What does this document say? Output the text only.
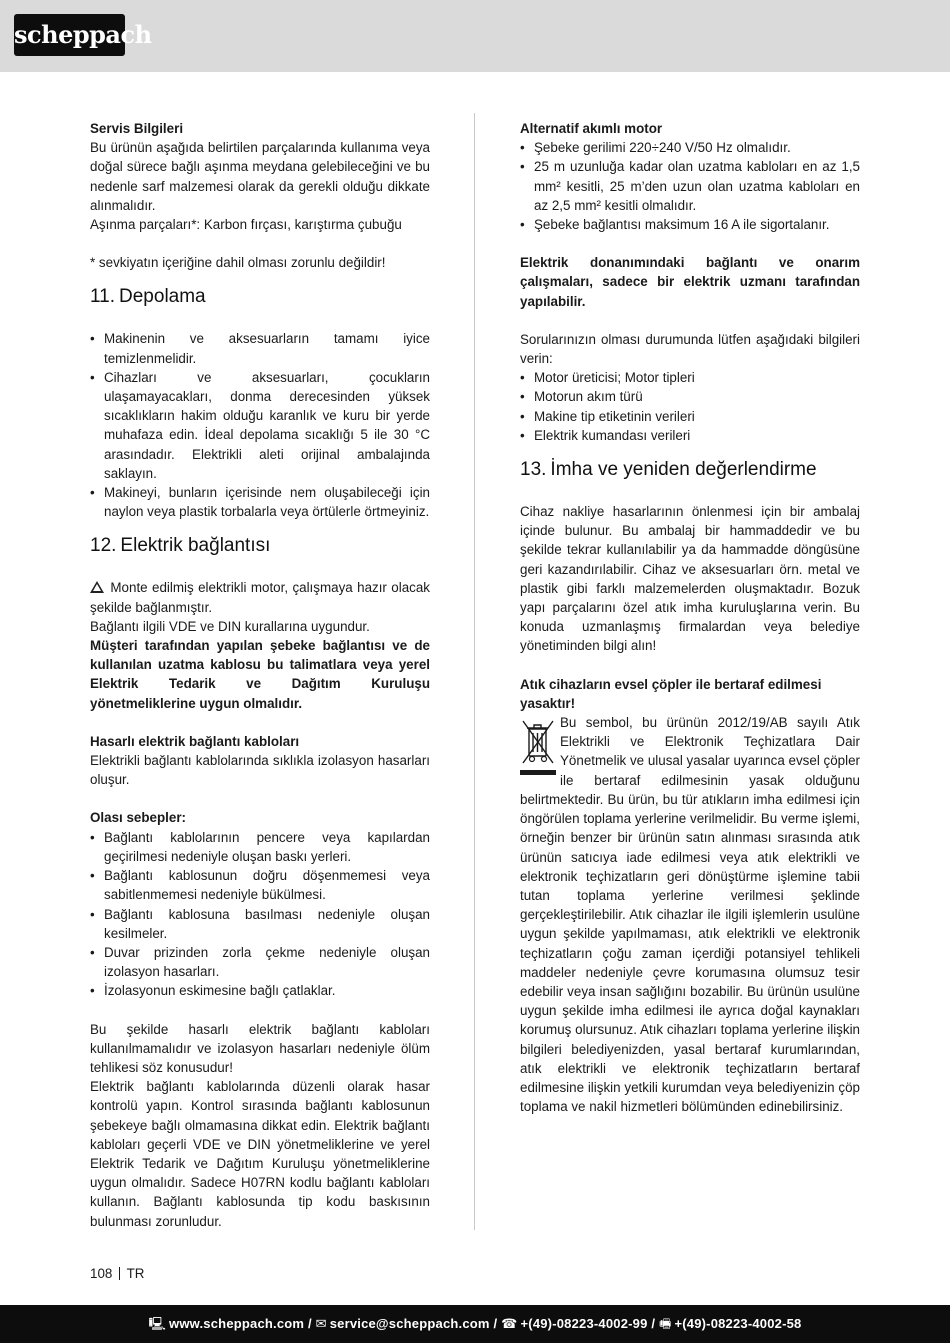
scheppach

Servis Bilgileri

Bu ürünün aşağıda belirtilen parçalarında kullanıma veya doğal sürece bağlı aşınma meydana gelebileceğini ve bu nedenle sarf malzemesi olarak da gerekli olduğu dikkate alınmalıdır.

Aşınma parçaları*: Karbon fırçası, karıştırma çubuğu

* sevkiyatın içeriğine dahil olması zorunlu değildir!

11. Depolama
• Makinenin ve aksesuarların tamamı iyice temizlenmelidir.
• Cihazları ve aksesuarları, çocukların ulaşamayacakları, donma derecesinden yüksek sıcaklıkların hakim olduğu karanlık ve kuru bir yerde muhafaza edin. İdeal depolama sıcaklığı 5 ile 30 °C arasındadır. Elektrikli aleti orijinal ambalajında saklayın.
• Makineyi, bunların içerisinde nem oluşabileceği için naylon veya plastik torbalarla veya örtülerle örtmeyiniz.
12. Elektrik bağlantısı

Monte edilmiş elektrikli motor, çalışmaya hazır olacak şekilde bağlanmıştır.

Bağlantı ilgili VDE ve DIN kurallarına uygundur.

Müşteri tarafından yapılan şebeke bağlantısı ve de kullanılan uzatma kablosu bu talimatlara veya yerel Elektrik Tedarik ve Dağıtım Kuruluşu yönetmeliklerine uygun olmalıdır.

Hasarlı elektrik bağlantı kabloları

Elektrikli bağlantı kablolarında sıklıkla izolasyon hasarları oluşur.

Olası sebepler:

• Bağlantı kablolarının pencere veya kapılardan geçirilmesi nedeniyle oluşan baskı yerleri.
• Bağlantı kablosunun doğru döşenmemesi veya sabitlenmemesi nedeniyle bükülmesi.
• Bağlantı kablosuna basılması nedeniyle oluşan kesilmeler.
• Duvar prizinden zorla çekme nedeniyle oluşan izolasyon hasarları.
• İzolasyonun eskimesine bağlı çatlaklar.

Bu şekilde hasarlı elektrik bağlantı kabloları kullanılmamalıdır ve izolasyon hasarları nedeniyle ölüm tehlikesi söz konusudur!

Elektrik bağlantı kablolarında düzenli olarak hasar kontrolü yapın. Kontrol sırasında bağlantı kablosunun şebekeye bağlı olmamasına dikkat edin. Elektrik bağlantı kabloları geçerli VDE ve DIN yönetmeliklerine ve yerel Elektrik Tedarik ve Dağıtım Kuruluşu yönetmeliklerine uygun olmalıdır. Sadece H07RN kodlu bağlantı kabloları kullanın. Bağlantı kablosunda tip kodu baskısının bulunması zorunludur.

Alternatif akımlı motor

• Şebeke gerilimi 220÷240 V/50 Hz olmalıdır.
• 25 m uzunluğa kadar olan uzatma kabloları en az 1,5 mm² kesitli, 25 m’den uzun olan uzatma kabloları en az 2,5 mm² kesitli olmalıdır.
• Şebeke bağlantısı maksimum 16 A ile sigortalanır.

Elektrik donanımındaki bağlantı ve onarım çalışmaları, sadece bir elektrik uzmanı tarafından yapılabilir.

Sorularınızın olması durumunda lütfen aşağıdaki bilgileri verin:

• Motor üreticisi; Motor tipleri
• Motorun akım türü
• Makine tip etiketinin verileri
• Elektrik kumandası verileri
13. İmha ve yeniden değerlendirme

Cihaz nakliye hasarlarının önlenmesi için bir ambalaj içinde bulunur. Bu ambalaj bir hammaddedir ve bu şekilde tekrar kullanılabilir ya da hammadde döngüsüne geri kazandırılabilir. Cihaz ve aksesuarları örn. metal ve plastik gibi farklı malzemelerden oluşmaktadır. Bozuk yapı parçalarını özel atık imha kuruluşlarına verin. Bu konuda uzmanlaşmış firmalardan veya belediye yönetiminden bilgi alın!

Atık cihazların evsel çöpler ile bertaraf edilmesi yasaktır!

Bu sembol, bu ürünün 2012/19/AB sayılı Atık Elektrikli ve Elektronik Teçhizatlara Dair Yönetmelik ve ulusal yasalar uyarınca evsel çöpler ile bertaraf edilmesinin yasak olduğunu belirtmektedir. Bu ürün, bu tür atıkların imha edilmesi için öngörülen toplama yerlerine verilmelidir. Bu verme işlemi, örneğin benzer bir ürünün satın alınması sırasında atık ürünün satıcıya iade edilmesi veya atık elektrikli ve elektronik teçhizatların geri dönüştürme işlemine tabii tutan toplama yerlerine verilmesi şeklinde gerçekleştirilebilir. Atık cihazlar ile ilgili işlemlerin usulüne uygun şekilde yapılmaması, atık elektrikli ve elektronik teçhizatların çoğu zaman içerdiği potansiyel tehlikeli maddeler nedeniyle çevre korumasına olumsuz tesir edebilir veya insan sağlığını bozabilir. Bu ürünün usulüne uygun şekilde imha edilmesi ile ayrıca doğal kaynakları korumuş olursunuz. Atık cihazları toplama yerlerine ilişkin bilgileri belediyenizden, yasal bertaraf kurumlarından, atık elektrikli ve elektronik teçhizatların bertaraf edilmesine ilişkin yetkili kurumdan veya belediyenizin çöp toplama ve nakil hizmetleri bölümünden edinebilirsiniz.

108 TR
🖳 www.scheppach.com / ✉ service@scheppach.com / ☎ +(49)-08223-4002-99 / 🖷 +(49)-08223-4002-58
